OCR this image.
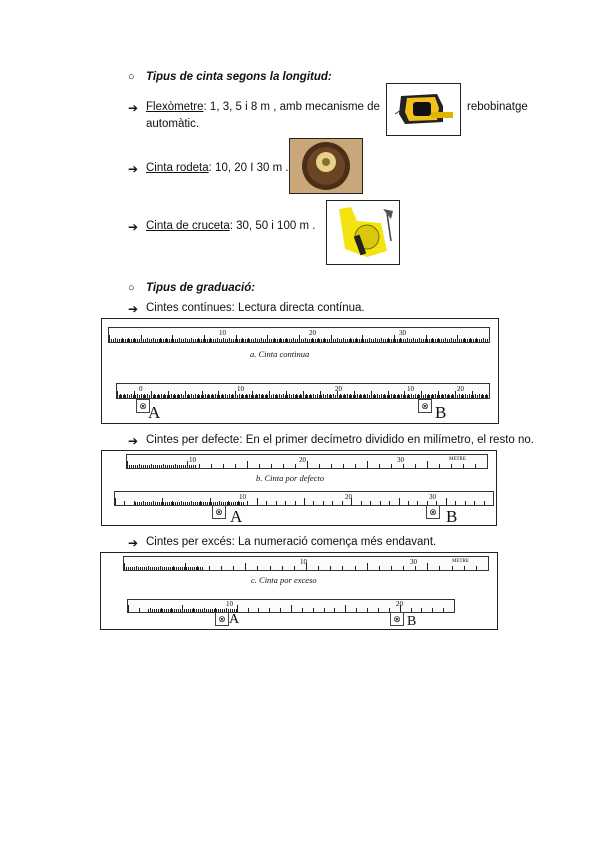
○ Tipus de cinta segons la longitud:
➔ Flexòmetre: 1, 3, 5 i 8 m , amb mecanisme de	rebobinatge
automàtic.
➔ Cinta rodeta: 10, 20 I 30 m .
➔ Cinta de cruceta: 30, 50 i 100 m .
○ Tipus de graduació:
➔ Cintes contínues: Lectura directa contínua.
10	20	30
a. Cinta continua
0	10	20	10	20
⊗ A	⊗ B
➔ Cintes per defecte: En el primer decímetro dividido en milímetro, el resto no.
10	20	30	METRE
b. Cinta por defecto
10	20	30
⊗ A	⊗ B
➔ Cintes per excés: La numeració comença més endavant.
10	30	METRE
c. Cinta por exceso
10	20
⊗ A	⊗ B
